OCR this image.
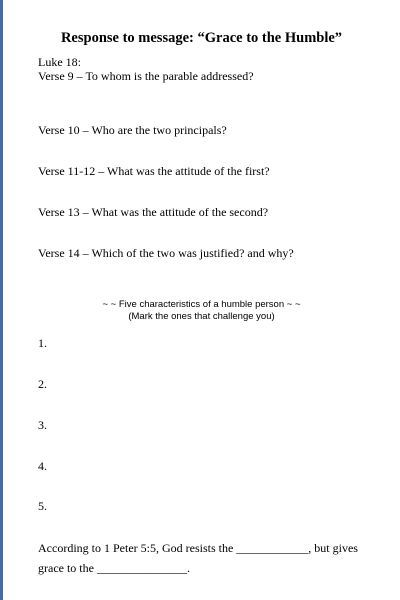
Response to message: “Grace to the Humble”
Luke 18:
Verse 9 – To whom is the parable addressed?
Verse 10 – Who are the two principals?
Verse 11-12 – What was the attitude of the first?
Verse 13 – What was the attitude of the second?
Verse 14 – Which of the two was justified? and why?
~ ~ Five characteristics of a humble person ~ ~
(Mark the ones that challenge you)
1.
2.
3.
4.
5.
According to 1 Peter 5:5, God resists the ____________, but gives
grace to the _______________.
